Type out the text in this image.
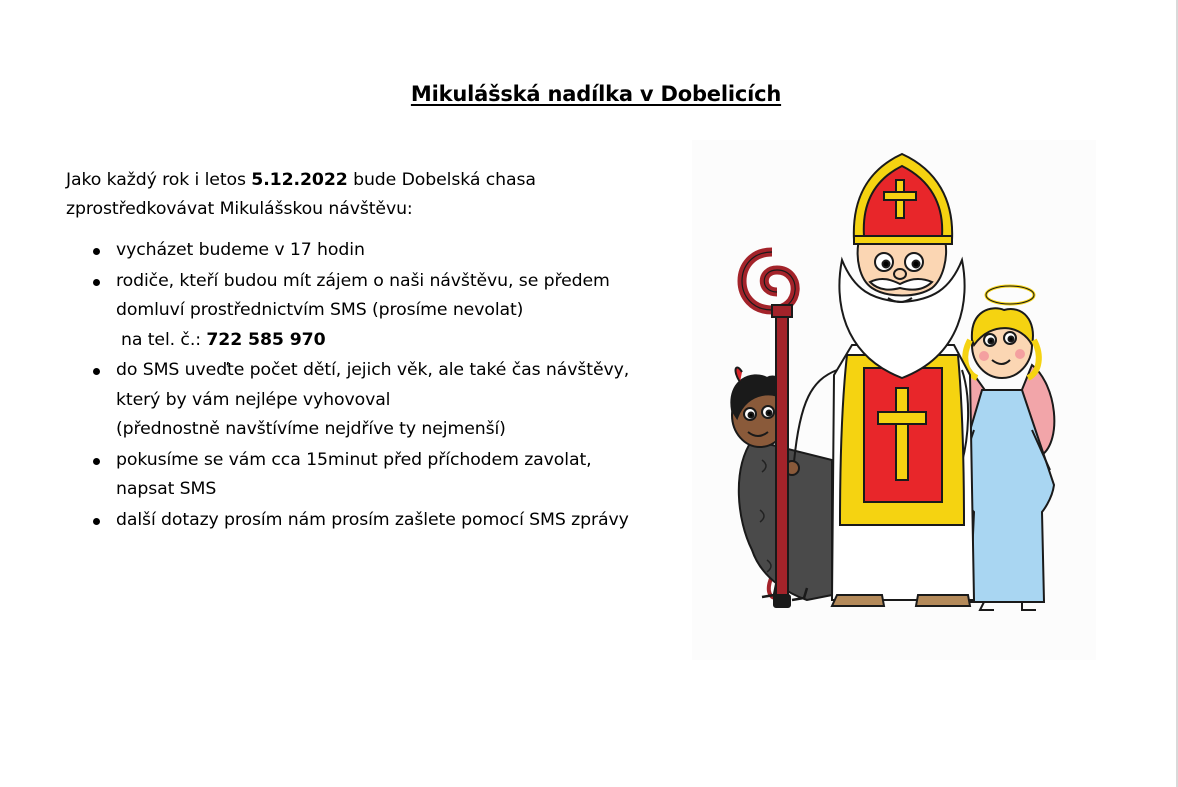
Mikulášská nadílka v Dobelicích
Jako každý rok i letos 5.12.2022 bude Dobelská chasa
zprostředkovávat Mikulášskou návštěvu:
vycházet budeme v 17 hodin
rodiče, kteří budou mít zájem o naši návštěvu, se předem
domluví prostřednictvím SMS (prosíme nevolat)
na tel. č.: 722 585 970
do SMS uveďte počet dětí, jejich věk, ale také čas návštěvy,
který by vám nejlépe vyhovoval
(přednostně navštívíme nejdříve ty nejmenší)
pokusíme se vám cca 15minut před příchodem zavolat,
napsat SMS
další dotazy prosím nám prosím zašlete pomocí SMS zprávy
